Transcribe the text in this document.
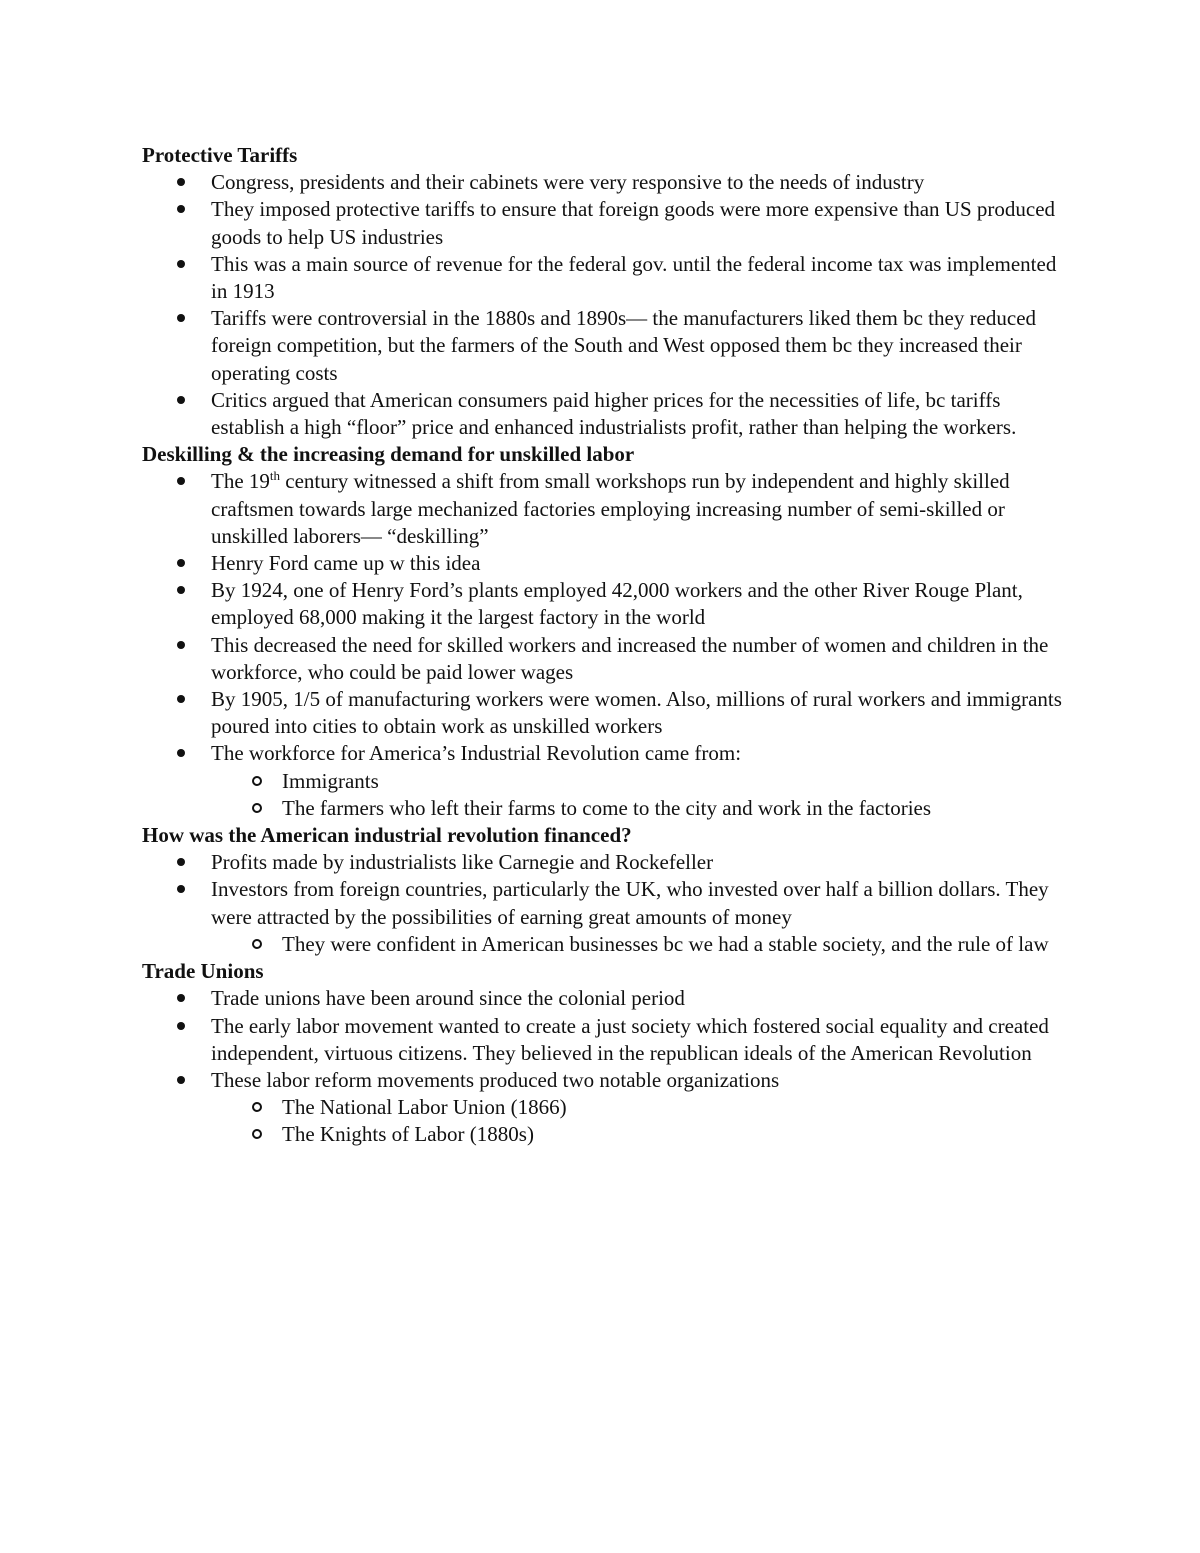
Protective Tariffs

Congress, presidents and their cabinets were very responsive to the needs of industry
They imposed protective tariffs to ensure that foreign goods were more expensive than US produced goods to help US industries
This was a main source of revenue for the federal gov. until the federal income tax was implemented in 1913
Tariffs were controversial in the 1880s and 1890s— the manufacturers liked them bc they reduced foreign competition, but the farmers of the South and West opposed them bc they increased their operating costs
Critics argued that American consumers paid higher prices for the necessities of life, bc tariffs establish a high “floor” price and enhanced industrialists profit, rather than helping the workers.

Deskilling & the increasing demand for unskilled labor

The 19th century witnessed a shift from small workshops run by independent and highly skilled craftsmen towards large mechanized factories employing increasing number of semi-skilled or unskilled laborers— “deskilling”
Henry Ford came up w this idea
By 1924, one of Henry Ford’s plants employed 42,000 workers and the other River Rouge Plant, employed 68,000 making it the largest factory in the world
This decreased the need for skilled workers and increased the number of women and children in the workforce, who could be paid lower wages
By 1905, 1/5 of manufacturing workers were women. Also, millions of rural workers and immigrants poured into cities to obtain work as unskilled workers
The workforce for America’s Industrial Revolution came from:
Immigrants
The farmers who left their farms to come to the city and work in the factories

How was the American industrial revolution financed?

Profits made by industrialists like Carnegie and Rockefeller
Investors from foreign countries, particularly the UK, who invested over half a billion dollars. They were attracted by the possibilities of earning great amounts of money
They were confident in American businesses bc we had a stable society, and the rule of law

Trade Unions

Trade unions have been around since the colonial period
The early labor movement wanted to create a just society which fostered social equality and created independent, virtuous citizens. They believed in the republican ideals of the American Revolution
These labor reform movements produced two notable organizations
The National Labor Union (1866)
The Knights of Labor (1880s)
